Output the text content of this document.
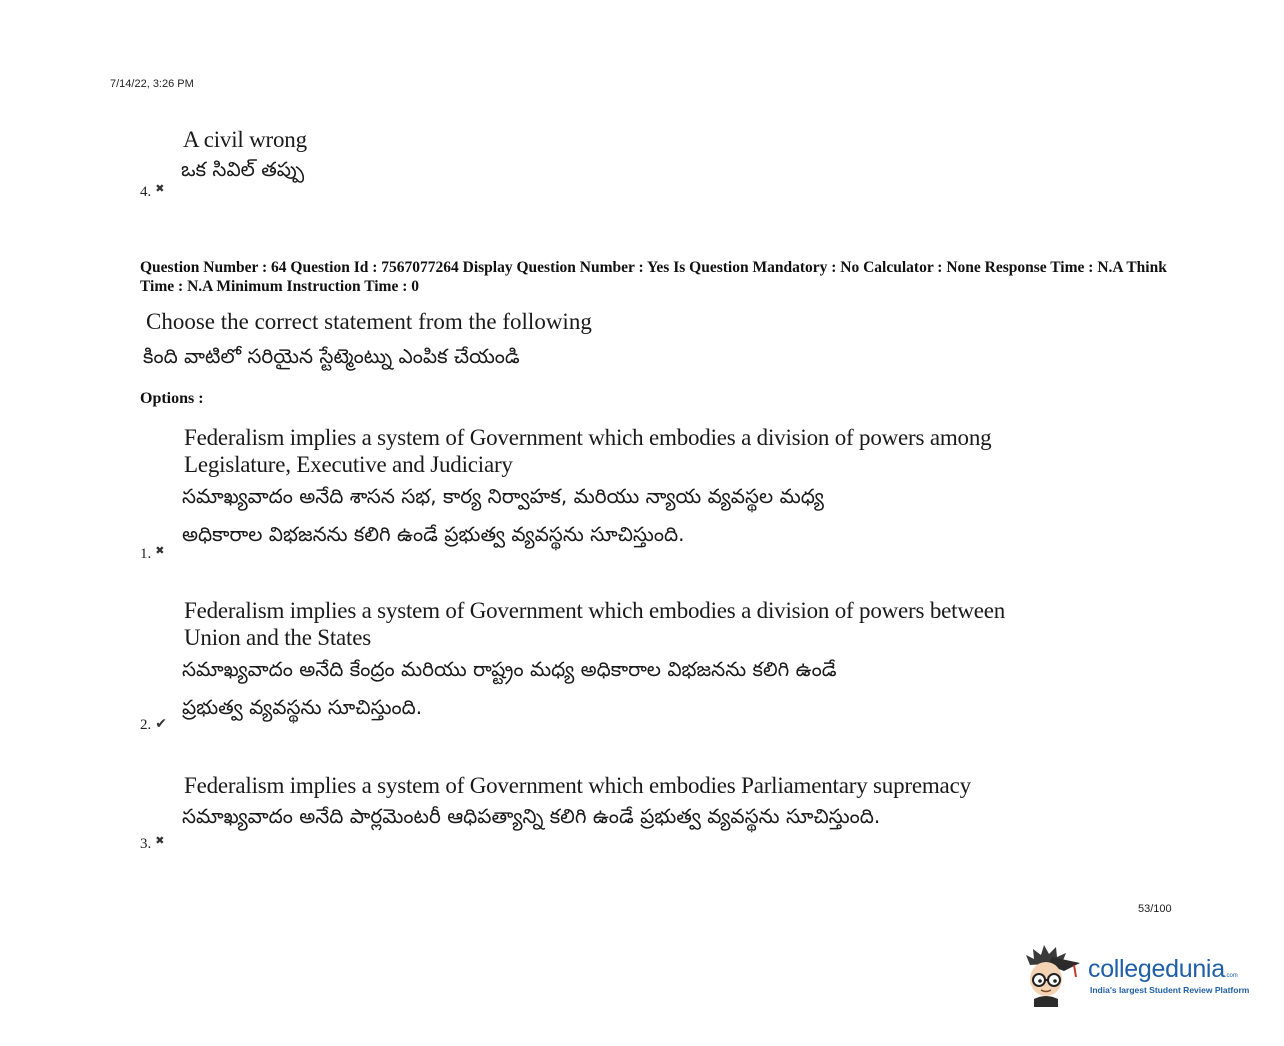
7/14/22, 3:26 PM
A civil wrong
ఒక సివిల్ తప్పు
4. ✖
Question Number : 64 Question Id : 7567077264 Display Question Number : Yes Is Question Mandatory : No Calculator : None Response Time : N.A Think Time : N.A Minimum Instruction Time : 0
Choose the correct statement from the following
కింది వాటిలో సరియైన స్టేట్మెంట్ను ఎంపిక చేయండి
Options :
Federalism implies a system of Government which embodies a division of powers among
Legislature, Executive and Judiciary
సమాఖ్యవాదం అనేది శాసన సభ, కార్య నిర్వాహక, మరియు న్యాయ వ్యవస్థల మధ్య
అధికారాల విభజనను కలిగి ఉండే ప్రభుత్వ వ్యవస్థను సూచిస్తుంది.
1. ✖
Federalism implies a system of Government which embodies a division of powers between
Union and the States
సమాఖ్యవాదం అనేది కేంద్రం మరియు రాష్ట్రం మధ్య అధికారాల విభజనను కలిగి ఉండే
ప్రభుత్వ వ్యవస్థను సూచిస్తుంది.
2. ✔
Federalism implies a system of Government which embodies Parliamentary supremacy
సమాఖ్యవాదం అనేది పార్లమెంటరీ ఆధిపత్యాన్ని కలిగి ఉండే ప్రభుత్వ వ్యవస్థను సూచిస్తుంది.
3. ✖
53/100
collegedunia.com
India's largest Student Review Platform
